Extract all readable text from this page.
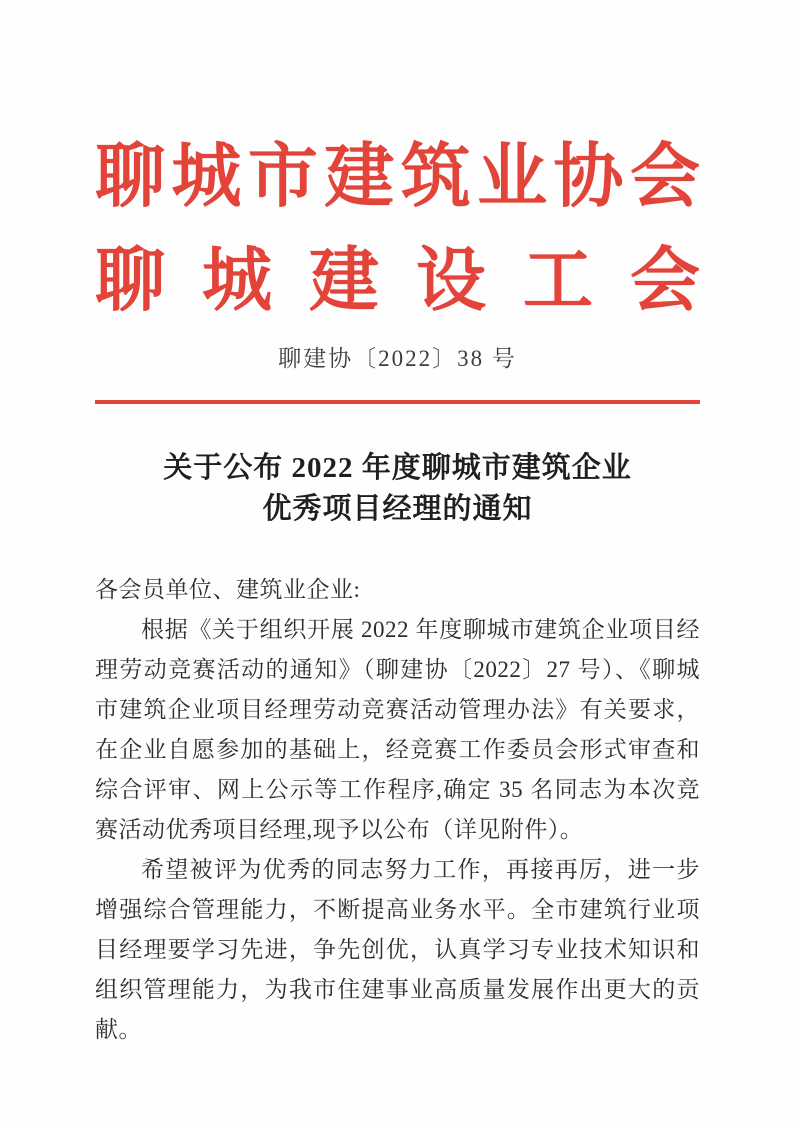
聊 城 市 建 筑 业 协 会
聊 城 建 设 工 会
聊建协〔2022〕38 号
关于公布 2022 年度聊城市建筑企业
优秀项目经理的通知

各会员单位、建筑业企业:

根据《关于组织开展 2022 年度聊城市建筑企业项目经理劳动竞赛活动的通知》（聊建协〔2022〕27 号）、《聊城市建筑企业项目经理劳动竞赛活动管理办法》有关要求，在企业自愿参加的基础上，经竞赛工作委员会形式审查和综合评审、网上公示等工作程序,确定 35 名同志为本次竞赛活动优秀项目经理,现予以公布（详见附件）。

希望被评为优秀的同志努力工作，再接再厉，进一步增强综合管理能力，不断提高业务水平。全市建筑行业项目经理要学习先进，争先创优，认真学习专业技术知识和组织管理能力，为我市住建事业高质量发展作出更大的贡献。
